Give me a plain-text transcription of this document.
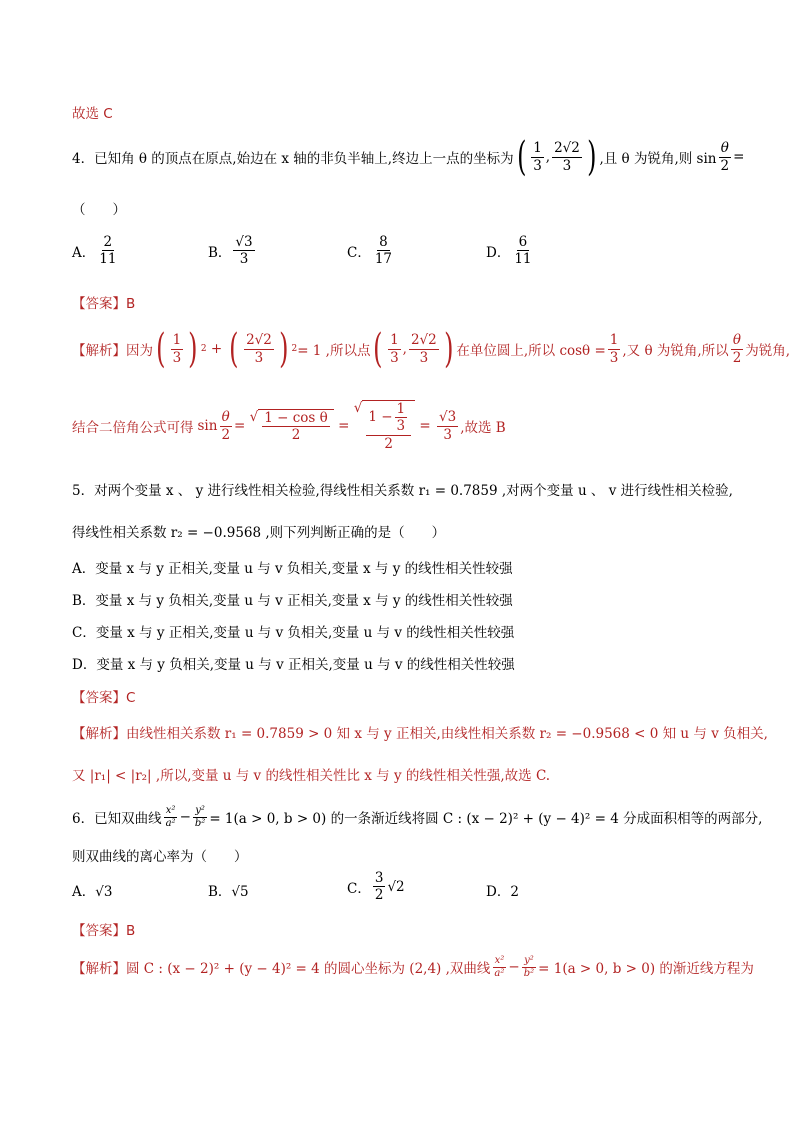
故选 C
4．已知角 θ 的顶点在原点,始边在 x 轴的非负半轴上,终边上一点的坐标为 ( $\frac{1}{3}$ , $\frac{2√2}{3}$ ) ,且 θ 为锐角,则 $\sin \frac{\theta}{2}$ =
（　　）
A． $\frac{2}{11}$	B． $\frac{√3}{3}$	C． $\frac{8}{17}$	D． $\frac{6}{11}$
【答案】B
【解析】 因为 ( $\frac{1}{3}$ ) 2 + ( $\frac{2√2}{3}$ ) 2 = 1 ,所以点 ( $\frac{1}{3}$ , $\frac{2√2}{3}$ ) 在单位圆上,所以 $\cos\theta = \frac{1}{3}$ ,又 θ 为锐角,所以 $\frac{\theta}{2}$ 为锐角,
结合二倍角公式可得 $\sin \frac{\theta}{2}$ =
√ $\frac{\text{1 − cos θ}}{2}$ =
√ $\frac{1 - \frac{1}{3}}{2} = \frac{√3}{3}$ ,故选 B
5．对两个变量 x 、 y 进行线性相关检验,得线性相关系数 r₁ = 0.7859 ,对两个变量 u 、 v 进行线性相关检验,
得线性相关系数 r₂ = −0.9568 ,则下列判断正确的是（　　）
A．变量 x 与 y 正相关,变量 u 与 v 负相关,变量 x 与 y 的线性相关性较强
B．变量 x 与 y 负相关,变量 u 与 v 正相关,变量 x 与 y 的线性相关性较强
C．变量 x 与 y 正相关,变量 u 与 v 负相关,变量 u 与 v 的线性相关性较强
D．变量 x 与 y 负相关,变量 u 与 v 正相关,变量 u 与 v 的线性相关性较强
【答案】C
【解析】由线性相关系数 r₁ = 0.7859 > 0 知 x 与 y 正相关,由线性相关系数 r₂ = −0.9568 < 0 知 u 与 v 负相关,
又 |r₁| < |r₂| ,所以,变量 u 与 v 的线性相关性比 x 与 y 的线性相关性强,故选 C.
6．已知双曲线 $\frac{\text{x²}}{\text{a²}} - \frac{\text{y²}}{\text{b²}} = 1(a > 0$, b > 0) 的一条渐近线将圆 C : (x − 2)² + (y − 4)² = 4 分成面积相等的两部分,
则双曲线的离心率为（　　）
A．√3	B．√5	C． $\frac{3}{2} √2$	D．2
【答案】B
【解析】 圆 C : (x − 2)² + (y − 4)² = 4 的圆心坐标为 (2,4) ,双曲线 $\frac{\text{x²}}{\text{a²}} - \frac{\text{y²}}{\text{b²}} = 1(a > 0$, b > 0) 的渐近线方程为
